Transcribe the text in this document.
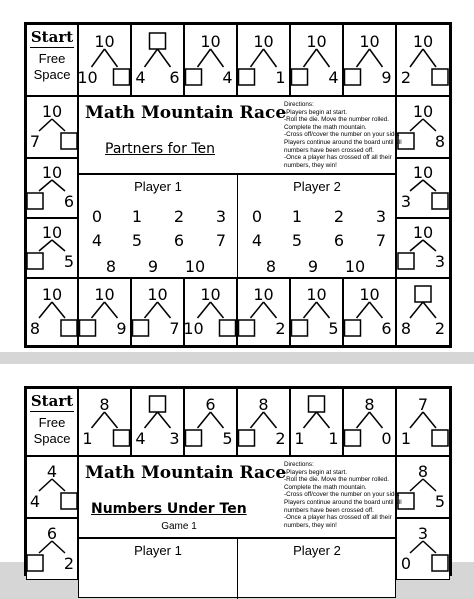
Start
Free
Space
10
10 4 6
10
4
10
1
10
4
10
9
10
2
10
7
10
6
10
5
10
8
10
3
10
3
10
8
10
9
10
7
10
10
10
2
10
5
10
6 8 2
Math Mountain Race
Partners for Ten
Directions:
-Players begin at start.
-Roll the die. Move the number rolled. Complete the math mountain.
-Cross off/cover the number on your side. Players continue around the board until all numbers have been crossed off.
-Once a player has crossed off all their numbers, they win!
Player 1	Player 2
0	1	2	3
4	5	6	7
8	9	10
0	1	2	3
4	5	6	7
8	9	10
Start
Free
Space
8
1	4 3
6
5
8
2 1 1
8
0
7
1
4
4
6
2
8
5
3
0
Math Mountain Race
Numbers Under Ten
Game 1
Directions:
-Players begin at start.
-Roll the die. Move the number rolled. Complete the math mountain.
-Cross off/cover the number on your side. Players continue around the board until all numbers have been crossed off.
-Once a player has crossed off all their numbers, they win!
Player 1	Player 2
